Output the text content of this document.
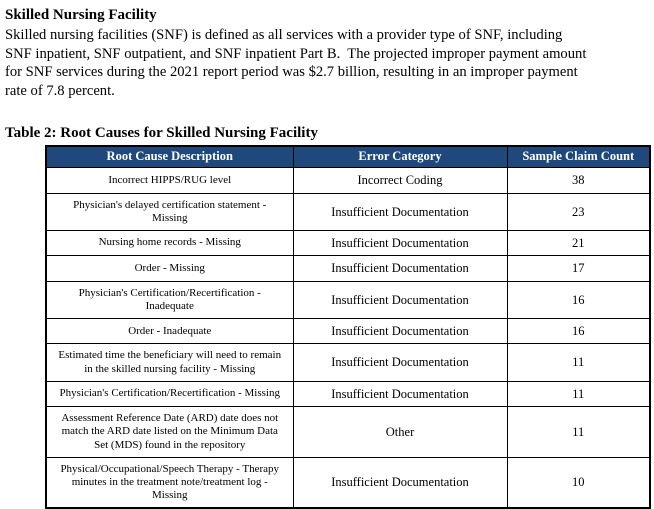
Skilled Nursing Facility

Skilled nursing facilities (SNF) is defined as all services with a provider type of SNF, including
SNF inpatient, SNF outpatient, and SNF inpatient Part B.  The projected improper payment amount
for SNF services during the 2021 report period was $2.7 billion, resulting in an improper payment
rate of 7.8 percent.

Table 2: Root Causes for Skilled Nursing Facility
Root Cause Description	Error Category	Sample Claim Count
Incorrect HIPPS/RUG level	Incorrect Coding	38
Physician's delayed certification statement - Missing	Insufficient Documentation	23
Nursing home records - Missing	Insufficient Documentation	21
Order - Missing	Insufficient Documentation	17
Physician's Certification/Recertification - Inadequate	Insufficient Documentation	16
Order - Inadequate	Insufficient Documentation	16
Estimated time the beneficiary will need to remain in the skilled nursing facility - Missing	Insufficient Documentation	11
Physician's Certification/Recertification - Missing	Insufficient Documentation	11
Assessment Reference Date (ARD) date does not match the ARD date listed on the Minimum Data Set (MDS) found in the repository	Other	11
Physical/Occupational/Speech Therapy - Therapy minutes in the treatment note/treatment log - Missing	Insufficient Documentation	10
